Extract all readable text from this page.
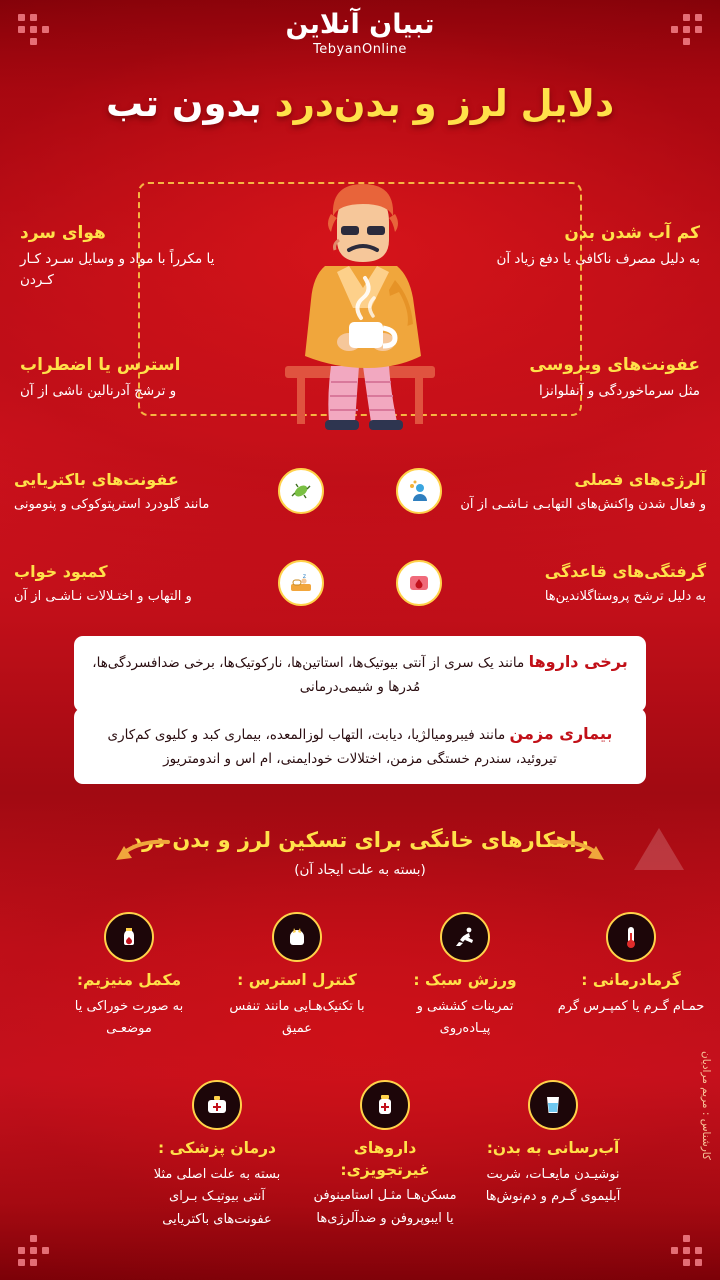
تبیان آنلاین
TebyanOnline
دلایل لرز و بدن‌درد بدون تب
کم آب شدن بدن
به دلیل مصرف ناکافی یا دفع زیاد آن
عفونت‌های ویروسی
مثل سرماخوردگی و آنفلوانزا
هوای سرد
یا مکرراً با مواد و وسایل سـرد کـار کـردن
استرس یا اضطراب
و ترشح آدرنالین ناشی از آن
آلرژی‌های فصلی
و فعال شدن واکنش‌های التهابـی نـاشـی از آن
گرفتگی‌های قاعدگی
به دلیل ترشح پروستاگلاندین‌ها
عفونت‌های باکتریایی
مانند گلودرد استرپتوکوکی و پنومونی
z
کمبود خواب
و التهاب و اختـلالات نـاشـی از آن
برخی داروها مانند یک سری از آنتی بیوتیک‌ها، استاتین‌ها، نارکوتیک‌ها، برخی ضدافسردگی‌ها، مُدرها و شیمی‌درمانی
بیماری مزمن مانند فیبرومیالژیا، دیابت، التهاب لوزالمعده، بیماری کبد و کلیوی کم‌کاری تیروئید، سندرم خستگی مزمن، اختلالات خودایمنی، ام اس و اندومتریوز
راهکارهای خانگی برای تسکین لرز و بدن درد
(بسته به علت ایجاد آن)
گرمادرمانی :
حمـام گـرم یا کمپـرس گرم
ورزش سبک :
تمرینات کششی و پیـاده‌روی
کنترل استرس :
با تکنیک‌هـایی مانند تنفس عمیق
مکمل منیزیم:
به صورت خوراکی یا موضعـی
آب‌رسانی به بدن:
نوشیـدن مایعـات، شربت آبلیموی گـرم و دم‌نوش‌ها
داروهای غیرتجویزی:
مسکن‌هـا مثـل استامینوفن یا ایبوپروفن و ضدآلرژی‌ها
درمان پزشکی :
بسته به علت اصلی مثلا آنتی بیوتیـک بـرای عفونت‌های باکتریایی
کارشناس : مریم مرادیان
